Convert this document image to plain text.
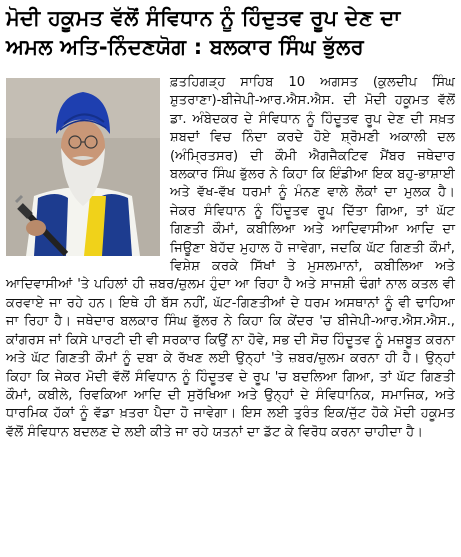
ਮੋਦੀ ਹਕੂਮਤ ਵੱਲੋਂ ਸੰਵਿਧਾਨ ਨੂੰ ਹਿੰਦੁਤਵ ਰੂਪ ਦੇਣ ਦਾ
ਅਮਲ ਅਤਿ-ਨਿੰਦਣਯੋਗ : ਬਲਕਾਰ ਸਿੰਘ ਭੁੱਲਰ

ਫ਼ਤਹਿਗੜ੍ਹ ਸਾਹਿਬ 10 ਅਗਸਤ (ਕੁਲਦੀਪ ਸਿੰਘ ਸ਼ੁਤਰਾਣਾ)-ਬੀਜੇਪੀ-ਆਰ.ਐਸ.ਐਸ. ਦੀ ਮੋਦੀ ਹਕੂਮਤ ਵੱਲੋਂ ਡਾ. ਅੰਬੇਦਕਰ ਦੇ ਸੰਵਿਧਾਨ ਨੂੰ ਹਿੰਦੂਤਵ ਰੂਪ ਦੇਣ ਦੀ ਸਖ਼ਤ ਸ਼ਬਦਾਂ ਵਿਚ ਨਿੰਦਾ ਕਰਦੇ ਹੋਏ ਸ਼੍ਰੋਮਣੀ ਅਕਾਲੀ ਦਲ (ਅੰਮ੍ਰਿਤਸਰ) ਦੀ ਕੌਮੀ ਐਗਜੈਕਟਿਵ ਮੈਂਬਰ ਜਥੇਦਾਰ ਬਲਕਾਰ ਸਿੰਘ ਭੁੱਲਰ ਨੇ ਕਿਹਾ ਕਿ ਇੰਡੀਆ ਇਕ ਬਹੁ-ਭਾਸ਼ਾਈ ਅਤੇ ਵੱਖ-ਵੱਖ ਧਰਮਾਂ ਨੂੰ ਮੰਨਣ ਵਾਲੇ ਲੋਕਾਂ ਦਾ ਮੁਲਕ ਹੈ। ਜੇਕਰ ਸੰਵਿਧਾਨ ਨੂੰ ਹਿੰਦੂਤਵ ਰੂਪ ਦਿੱਤਾ ਗਿਆ, ਤਾਂ ਘੱਟ ਗਿਣਤੀ ਕੌਮਾਂ, ਕਬੀਲਿਆ ਅਤੇ ਆਦਿਵਾਸੀਆ ਆਦਿ ਦਾ ਜਿਊਣਾ ਬੇਹੱਦ ਮੁਹਾਲ ਹੋ ਜਾਵੇਗਾ, ਜਦਕਿ ਘੱਟ ਗਿਣਤੀ ਕੌਮਾਂ, ਵਿਸ਼ੇਸ਼ ਕਰਕੇ ਸਿੱਖਾਂ ਤੇ ਮੁਸਲਮਾਨਾਂ, ਕਬੀਲਿਆ ਅਤੇ ਆਦਿਵਾਸੀਆਂ 'ਤੇ ਪਹਿਲਾਂ ਹੀ ਜ਼ਬਰ/ਜ਼ੁਲਮ ਹੁੰਦਾ ਆ ਰਿਹਾ ਹੈ ਅਤੇ ਸਾਜਸ਼ੀ ਢੰਗਾਂ ਨਾਲ ਕਤਲ ਵੀ ਕਰਵਾਏ ਜਾ ਰਹੇ ਹਨ। ਇਥੇ ਹੀ ਬੱਸ ਨਹੀਂ, ਘੱਟ-ਗਿਣਤੀਆਂ ਦੇ ਧਰਮ ਅਸਥਾਨਾਂ ਨੂੰ ਵੀ ਢਾਹਿਆ ਜਾ ਰਿਹਾ ਹੈ। ਜਥੇਦਾਰ ਬਲਕਾਰ ਸਿੰਘ ਭੁੱਲਰ ਨੇ ਕਿਹਾ ਕਿ ਕੇਂਦਰ 'ਚ ਬੀਜੇਪੀ-ਆਰ.ਐਸ.ਐਸ., ਕਾਂਗਰਸ ਜਾਂ ਕਿਸੇ ਪਾਰਟੀ ਦੀ ਵੀ ਸਰਕਾਰ ਕਿਉਂ ਨਾ ਹੋਵੇ, ਸਭ ਦੀ ਸੋਚ ਹਿੰਦੂਤਵ ਨੂੰ ਮਜ਼ਬੂਤ ਕਰਨਾ ਅਤੇ ਘੱਟ ਗਿਣਤੀ ਕੌਮਾਂ ਨੂੰ ਦਬਾ ਕੇ ਰੱਖਣ ਲਈ ਉਨ੍ਹਾਂ 'ਤੇ ਜ਼ਬਰ/ਜ਼ੁਲਮ ਕਰਨਾ ਹੀ ਹੈ। ਉਨ੍ਹਾਂ ਕਿਹਾ ਕਿ ਜੇਕਰ ਮੋਦੀ ਵੱਲੋਂ ਸੰਵਿਧਾਨ ਨੂੰ ਹਿੰਦੂਤਵ ਦੇ ਰੂਪ 'ਚ ਬਦਲਿਆ ਗਿਆ, ਤਾਂ ਘੱਟ ਗਿਣਤੀ ਕੌਮਾਂ, ਕਬੀਲੇ, ਰਿਵਕਿਆ ਆਦਿ ਦੀ ਸੁਰੱਖਿਆ ਅਤੇ ਉਨ੍ਹਾਂ ਦੇ ਸੰਵਿਧਾਨਿਕ, ਸਮਾਜਿਕ, ਅਤੇ ਧਾਰਮਿਕ ਹੱਕਾਂ ਨੂੰ ਵੱਡਾ ਖ਼ਤਰਾ ਪੈਦਾ ਹੋ ਜਾਵੇਗਾ। ਇਸ ਲਈ ਤੁਰੰਤ ਇਕ/ਜੁੱਟ ਹੋਕੇ ਮੋਦੀ ਹਕੂਮਤ ਵੱਲੋਂ ਸੰਵਿਧਾਨ ਬਦਲਣ ਦੇ ਲਈ ਕੀਤੇ ਜਾ ਰਹੇ ਯਤਨਾਂ ਦਾ ਡੱਟ ਕੇ ਵਿਰੋਧ ਕਰਨਾ ਚਾਹੀਦਾ ਹੈ।
